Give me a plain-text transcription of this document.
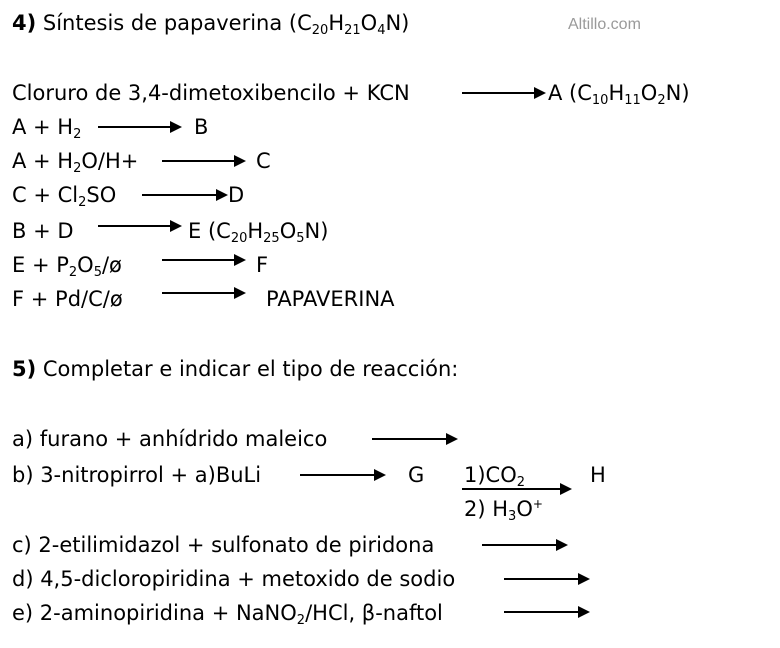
Altillo.com
4) Síntesis de papaverina $(C_{20}H_{21}O_4N)$
Cloruro de 3,4-dimetoxibencilo + KCN	A $(C_{10}H_{11}O_2N)$
$A + H_2$	B
$A + H_2O/H+$	C
$C + Cl_2SO$	D
B + D	E $(C_{20}H_{25}O_5N)$
$E + P_2O_5/ø$	F
F + Pd/C/ø	PAPAVERINA
5) Completar e indicar el tipo de reacción:
a) furano + anhídrido maleico
b) 3-nitropirrol + a)BuLi	G $1)CO_2$
2) $H_3O^+$
H
c) 2-etilimidazol + sulfonato de piridona
d) 4,5-dicloropiridina + metoxido de sodio
e) 2-aminopiridina + NaNO$_2$/HCl, β-naftol
